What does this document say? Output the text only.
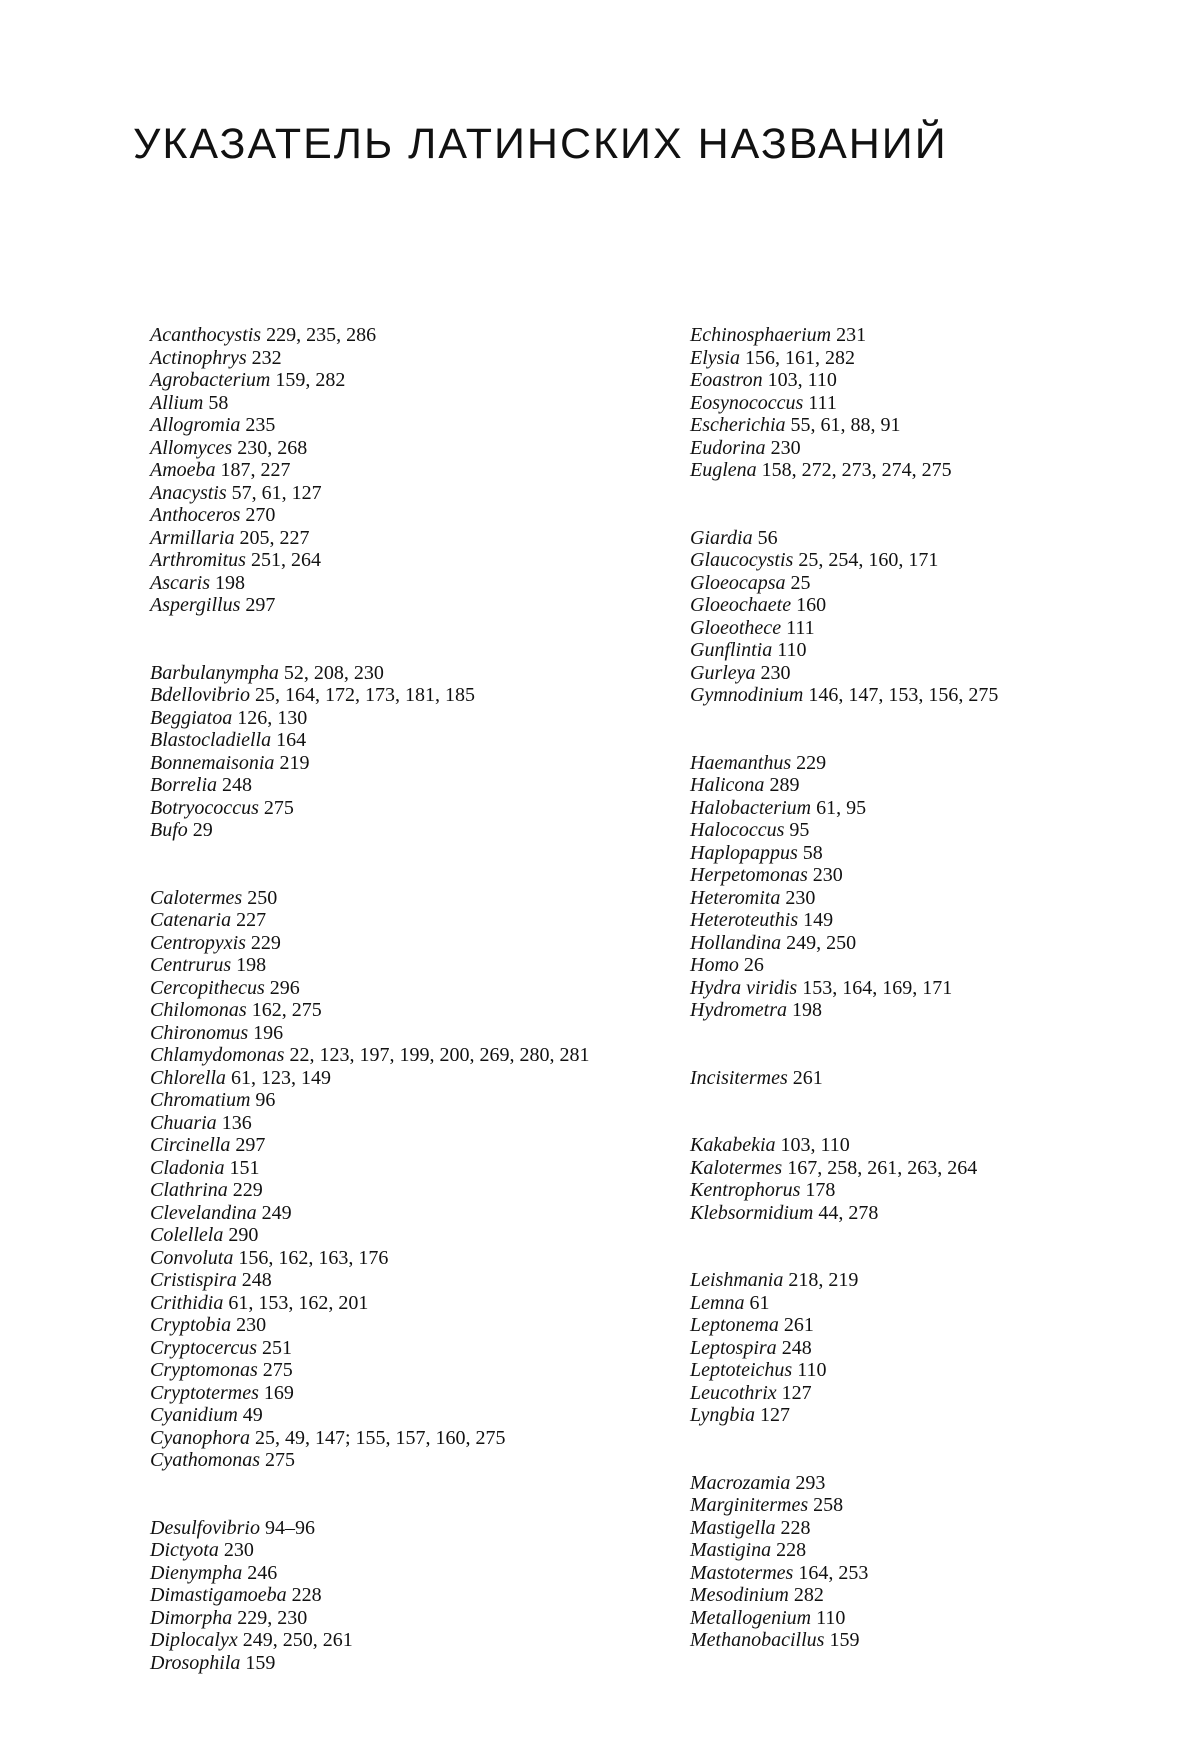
УКАЗАТЕЛЬ ЛАТИНСКИХ НАЗВАНИЙ
Acanthocystis 229, 235, 286
Actinophrys 232
Agrobacterium 159, 282
Allium 58
Allogromia 235
Allomyces 230, 268
Amoeba 187, 227
Anacystis 57, 61, 127
Anthoceros 270
Armillaria 205, 227
Arthromitus 251, 264
Ascaris 198
Aspergillus 297
Barbulanympha 52, 208, 230
Bdellovibrio 25, 164, 172, 173, 181, 185
Beggiatoa 126, 130
Blastocladiella 164
Bonnemaisonia 219
Borrelia 248
Botryococcus 275
Bufo 29
Calotermes 250
Catenaria 227
Centropyxis 229
Centrurus 198
Cercopithecus 296
Chilomonas 162, 275
Chironomus 196
Chlamydomonas 22, 123, 197, 199, 200, 269, 280, 281
Chlorella 61, 123, 149
Chromatium 96
Chuaria 136
Circinella 297
Cladonia 151
Clathrina 229
Clevelandina 249
Colellela 290
Convoluta 156, 162, 163, 176
Cristispira 248
Crithidia 61, 153, 162, 201
Cryptobia 230
Cryptocercus 251
Cryptomonas 275
Cryptotermes 169
Cyanidium 49
Cyanophora 25, 49, 147; 155, 157, 160, 275
Cyathomonas 275
Desulfovibrio 94–96
Dictyota 230
Dienympha 246
Dimastigamoeba 228
Dimorpha 229, 230
Diplocalyx 249, 250, 261
Drosophila 159
Echinosphaerium 231
Elysia 156, 161, 282
Eoastron 103, 110
Eosynococcus 111
Escherichia 55, 61, 88, 91
Eudorina 230
Euglena 158, 272, 273, 274, 275
Giardia 56
Glaucocystis 25, 254, 160, 171
Gloeocapsa 25
Gloeochaete 160
Gloeothece 111
Gunflintia 110
Gurleya 230
Gymnodinium 146, 147, 153, 156, 275
Haemanthus 229
Halicona 289
Halobacterium 61, 95
Halococcus 95
Haplopappus 58
Herpetomonas 230
Heteromita 230
Heteroteuthis 149
Hollandina 249, 250
Homo 26
Hydra viridis 153, 164, 169, 171
Hydrometra 198
Incisitermes 261
Kakabekia 103, 110
Kalotermes 167, 258, 261, 263, 264
Kentrophorus 178
Klebsormidium 44, 278
Leishmania 218, 219
Lemna 61
Leptonema 261
Leptospira 248
Leptoteichus 110
Leucothrix 127
Lyngbia 127
Macrozamia 293
Marginitermes 258
Mastigella 228
Mastigina 228
Mastotermes 164, 253
Mesodinium 282
Metallogenium 110
Methanobacillus 159
